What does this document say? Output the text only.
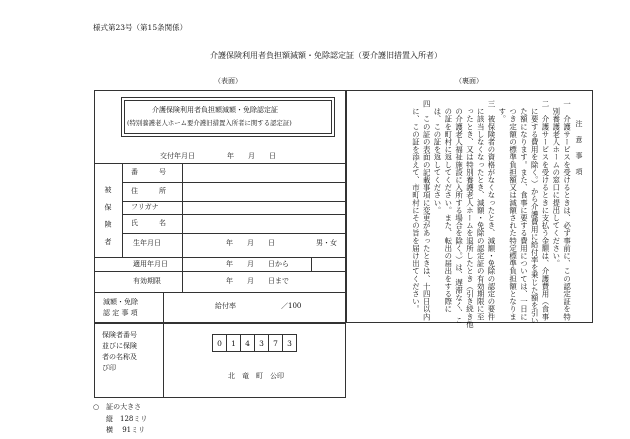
様式第23号（第15条関係）
介護保険利用者負担額減額・免除認定証（要介護旧措置入所者）
（表面）
介護保険利用者負担額減額・免除認定証
(特別養護老人ホーム要介護旧措置入所者に関する認定証)
交付年月日	年　　月　　日
被 保 険 者
番　　　号
住　　　所
フリガナ
氏　　　名
生年月日	年　　月　　日	男・女
適用年月日	年　　月　　日から
有効期限	年　　月　　日まで
減額・免除
認 定 事 項
給付率	／100
保険者番号
並びに保険
者の名称及
び印
0	1	4	3	7	3
北　竜　町　公印
○　証の大きさ
縦　128ミリ
横　 91ミリ
（裏面）
注　意　事　項
一　介護サービスを受けるときは、必ず事前に、この認定証を特
　別養護老人ホームの窓口に提出してください。
二　介護サービスを受けるときに支払う金額は、介護費用（食事
　に要する費用を除く。）から介護費用に給付率を乗じた額を引い
　た額になります。また、食事に要する費用については、一日に
　つき定額の標準負担額又は減額された特定標準負担額となりま
　す。
三　被保険者の資格がなくなったとき、減額・免除の認定の要件
　に該当しなくなったとき、減額・免除の認定証の有効期限に至
　ったとき、又は特別養護老人ホームを退所したとき（引き続き他
　の介護老人福祉施設に入所する場合を除く。）は、遅滞なく、こ
　の証を町村に返してください。また、転出の届出をする際に
　は、この証を返してください。
四　この証の表面の記載事項に変更があったときは、十四日以内
　に、この証を添えて、市町村にその旨を届け出てください。
